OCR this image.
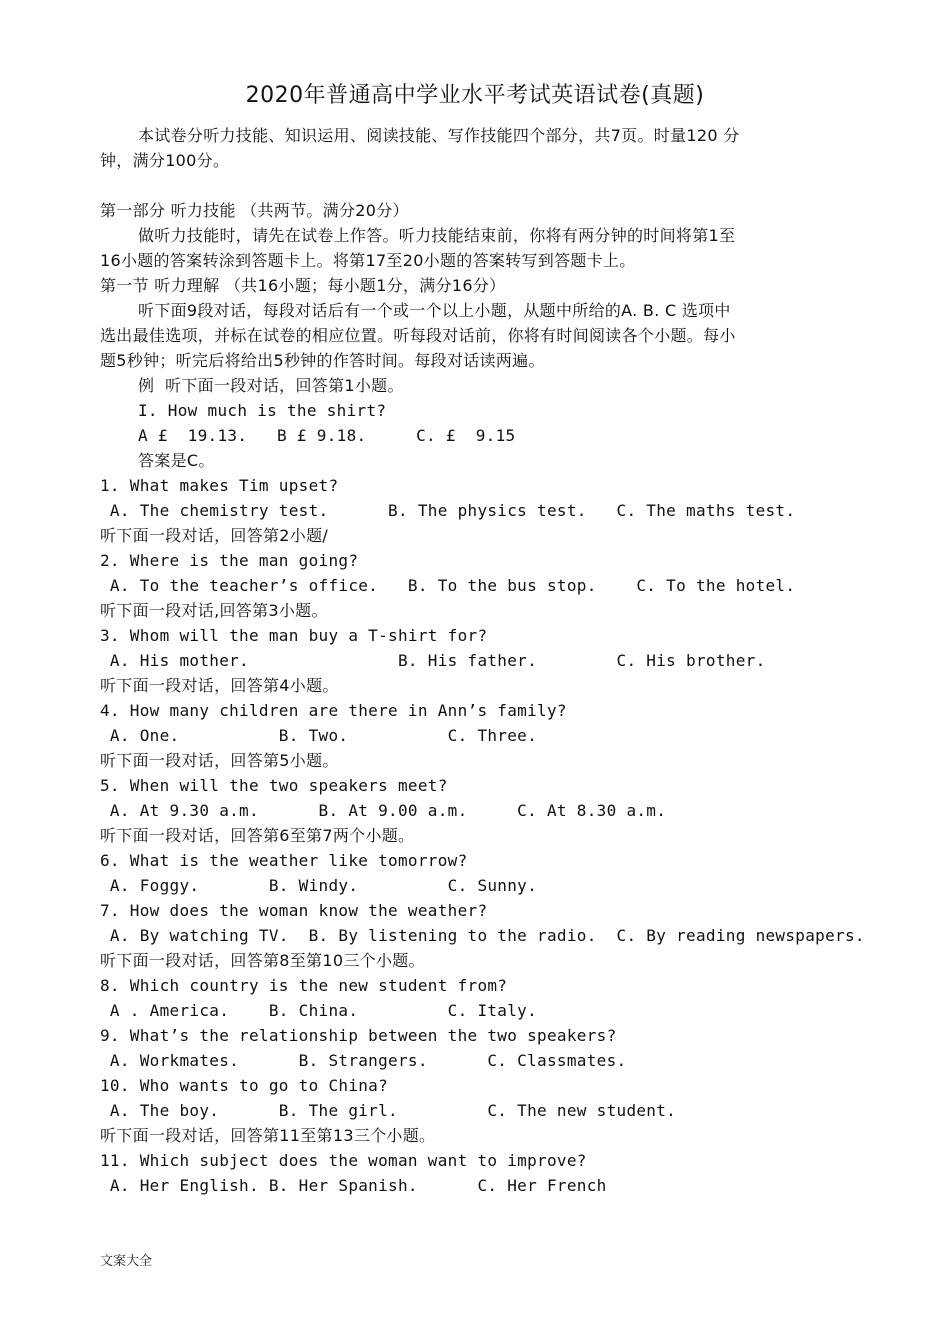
2020年普通高中学业水平考试英语试卷(真题)
本试卷分听力技能、知识运用、阅读技能、写作技能四个部分，共7页。时量120 分
钟，满分100分。
第一部分 听力技能 （共两节。满分20分）
做听力技能时，请先在试卷上作答。听力技能结束前，你将有两分钟的时间将第1至
16小题的答案转涂到答题卡上。将第17至20小题的答案转写到答题卡上。
第一节 听力理解 （共16小题；每小题1分，满分16分）
听下面9段对话，每段对话后有一个或一个以上小题，从题中所给的A. B. C 选项中
选出最佳选项，并标在试卷的相应位置。听每段对话前，你将有时间阅读各个小题。每小
题5秒钟；听完后将给出5秒钟的作答时间。每段对话读两遍。
例  听下面一段对话，回答第1小题。
I. How much is the shirt?
A £  19.13.   B £ 9.18.     C. £  9.15
答案是C。
1. What makes Tim upset?
A. The chemistry test.      B. The physics test.   C. The maths test.
听下面一段对话，回答第2小题/
2. Where is the man going?
A. To the teacher’s office.   B. To the bus stop.    C. To the hotel.
听下面一段对话,回答第3小题。
3. Whom will the man buy a T-shirt for?
A. His mother.               B. His father.        C. His brother.
听下面一段对话，回答第4小题。
4. How many children are there in Ann’s family?
A. One.          B. Two.          C. Three.
听下面一段对话，回答第5小题。
5. When will the two speakers meet?
A. At 9.30 a.m.      B. At 9.00 a.m.     C. At 8.30 a.m.
听下面一段对话，回答第6至第7两个小题。
6. What is the weather like tomorrow?
A. Foggy.       B. Windy.         C. Sunny.
7. How does the woman know the weather?
A. By watching TV.  B. By listening to the radio.  C. By reading newspapers.
听下面一段对话，回答第8至第10三个小题。
8. Which country is the new student from?
A . America.    B. China.         C. Italy.
9. What’s the relationship between the two speakers?
A. Workmates.      B. Strangers.      C. Classmates.
10. Who wants to go to China?
A. The boy.      B. The girl.         C. The new student.
听下面一段对话，回答第11至第13三个小题。
11. Which subject does the woman want to improve?
A. Her English. B. Her Spanish.      C. Her French
文案大全
